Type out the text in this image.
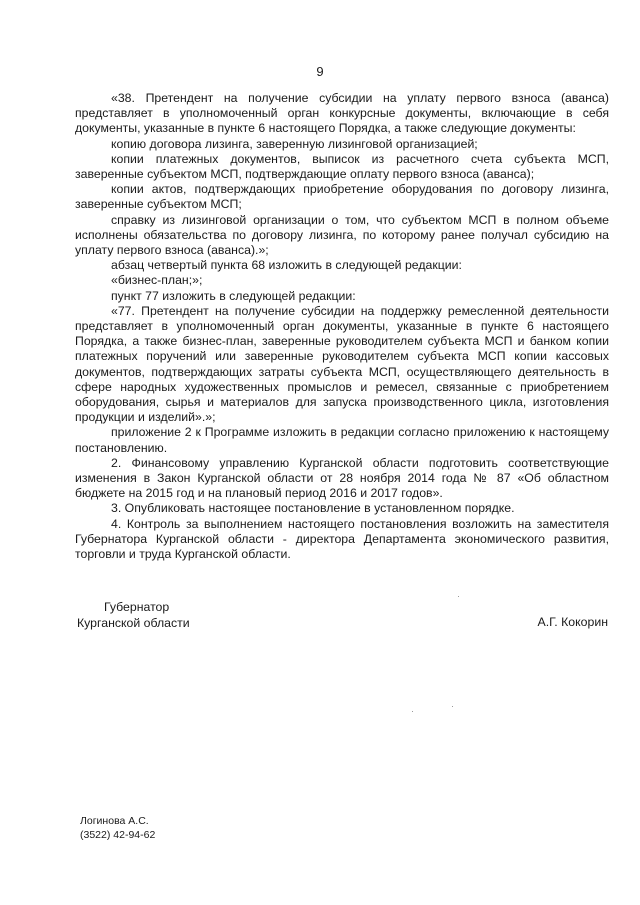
9

«38. Претендент на получение субсидии на уплату первого взноса (аванса) представляет в уполномоченный орган конкурсные документы, включающие в себя документы, указанные в пункте 6 настоящего Порядка, а также следующие документы:

копию договора лизинга, заверенную лизинговой организацией;

копии платежных документов, выписок из расчетного счета субъекта МСП, заверенные субъектом МСП, подтверждающие оплату первого взноса (аванса);

копии актов, подтверждающих приобретение оборудования по договору лизинга, заверенные субъектом МСП;

справку из лизинговой организации о том, что субъектом МСП в полном объеме исполнены обязательства по договору лизинга, по которому ранее получал субсидию на уплату первого взноса (аванса).»;

абзац четвертый пункта 68 изложить в следующей редакции:

«бизнес-план;»;

пункт 77 изложить в следующей редакции:

«77. Претендент на получение субсидии на поддержку ремесленной деятельности представляет в уполномоченный орган документы, указанные в пункте 6 настоящего Порядка, а также бизнес-план, заверенные руководителем субъекта МСП и банком копии платежных поручений или заверенные руководителем субъекта МСП копии кассовых документов, подтверждающих затраты субъекта МСП, осуществляющего деятельность в сфере народных художественных промыслов и ремесел, связанные с приобретением оборудования, сырья и материалов для запуска производственного цикла, изготовления продукции и изделий».»;

приложение 2 к Программе изложить в редакции согласно приложению к настоящему постановлению.

2. Финансовому управлению Курганской области подготовить соответствующие изменения в Закон Курганской области от 28 ноября 2014 года № 87 «Об областном бюджете на 2015 год и на плановый период 2016 и 2017 годов».

3. Опубликовать настоящее постановление в установленном порядке.

4. Контроль за выполнением настоящего постановления возложить на заместителя Губернатора Курганской области - директора Департамента экономического развития, торговли и труда Курганской области.

Губернатор
Курганской области	А.Г. Кокорин
Логинова А.С.
(3522) 42-94-62
